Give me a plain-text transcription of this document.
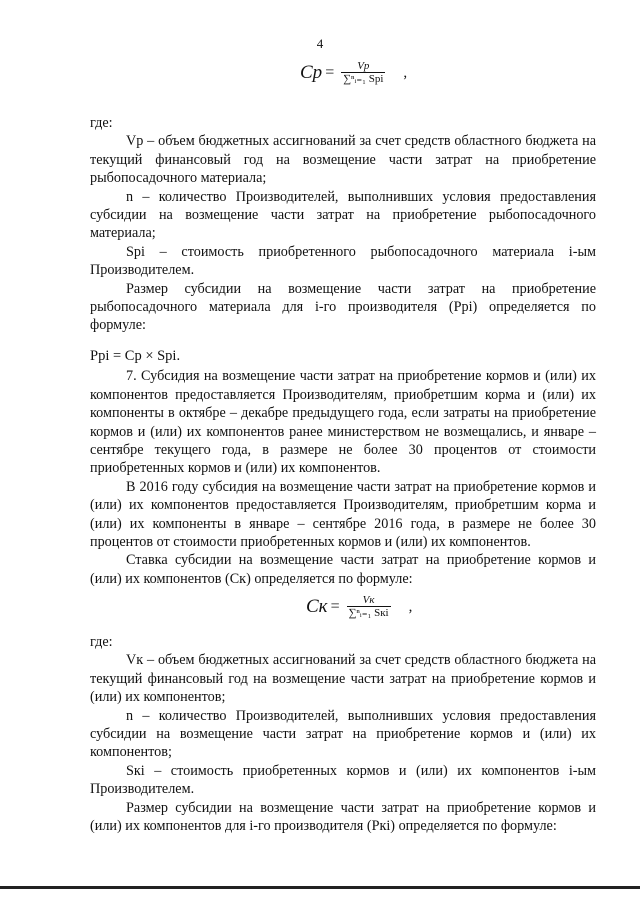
4
$Cp = \frac{Vp}{\text{∑ⁿᵢ₌₁ Spi}}$ ,

где:

Vp – объем бюджетных ассигнований за счет средств областного бюджета на текущий финансовый год на возмещение части затрат на приобретение рыбопосадочного материала;

n – количество Производителей, выполнивших условия предоставления субсидии на возмещение части затрат на приобретение рыбопосадочного материала;

Spi – стоимость приобретенного рыбопосадочного материала i-ым Производителем.

Размер субсидии на возмещение части затрат на приобретение рыбопосадочного материала для i-го производителя (Ppi) определяется по формуле:

Ppi = Cp × Spi.

7. Субсидия на возмещение части затрат на приобретение кормов и (или) их компонентов предоставляется Производителям, приобретшим корма и (или) их компоненты в октябре – декабре предыдущего года, если затраты на приобретение кормов и (или) их компонентов ранее министерством не возмещались, и январе – сентябре текущего года, в размере не более 30 процентов от стоимости приобретенных кормов и (или) их компонентов.

В 2016 году субсидия на возмещение части затрат на приобретение кормов и (или) их компонентов предоставляется Производителям, приобретшим корма и (или) их компоненты в январе – сентябре 2016 года, в размере не более 30 процентов от стоимости приобретенных кормов и (или) их компонентов.

Ставка субсидии на возмещение части затрат на приобретение кормов и (или) их компонентов (Ск) определяется по формуле:

Cк = $\frac{Vк}{\text{∑ⁿᵢ₌₁ Sкi}}$ ,

где:

Vк – объем бюджетных ассигнований за счет средств областного бюджета на текущий финансовый год на возмещение части затрат на приобретение кормов и (или) их компонентов;

n – количество Производителей, выполнивших условия предоставления субсидии на возмещение части затрат на приобретение кормов и (или) их компонентов;

Sкi – стоимость приобретенных кормов и (или) их компонентов i-ым Производителем.

Размер субсидии на возмещение части затрат на приобретение кормов и (или) их компонентов для i-го производителя (Pкi) определяется по формуле:
